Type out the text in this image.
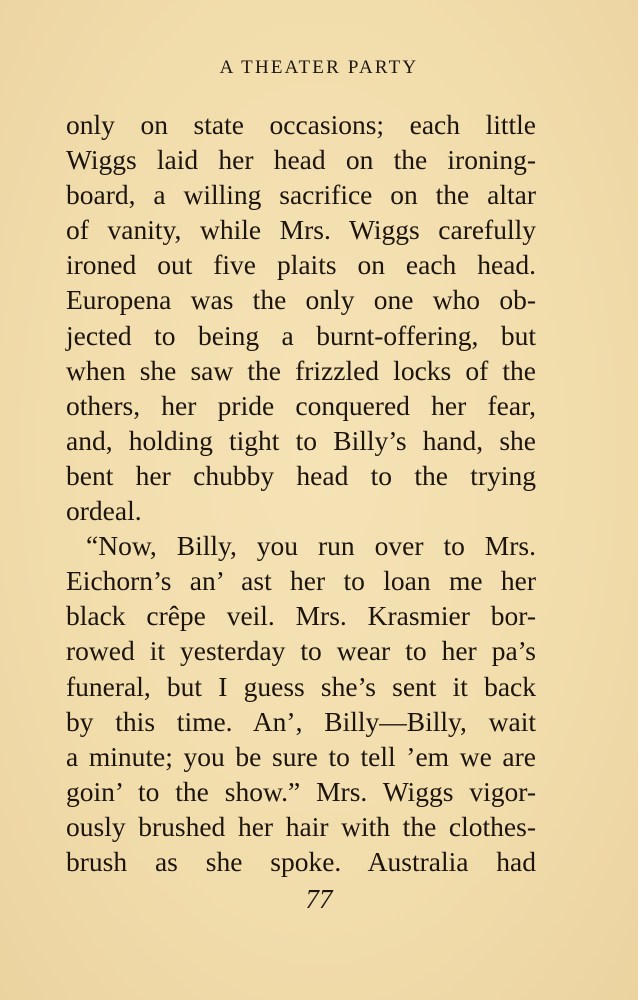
A THEATER PARTY
only on state occasions; each little
Wiggs laid her head on the ironing-
board, a willing sacrifice on the altar
of vanity, while Mrs. Wiggs carefully
ironed out five plaits on each head.
Europena was the only one who ob-
jected to being a burnt-offering, but
when she saw the frizzled locks of the
others, her pride conquered her fear,
and, holding tight to Billy’s hand, she
bent her chubby head to the trying
ordeal.
“Now, Billy, you run over to Mrs.
Eichorn’s an’ ast her to loan me her
black crêpe veil. Mrs. Krasmier bor-
rowed it yesterday to wear to her pa’s
funeral, but I guess she’s sent it back
by this time. An’, Billy—Billy, wait
a minute; you be sure to tell ’em we are
goin’ to the show.” Mrs. Wiggs vigor-
ously brushed her hair with the clothes-
brush as she spoke. Australia had
77
